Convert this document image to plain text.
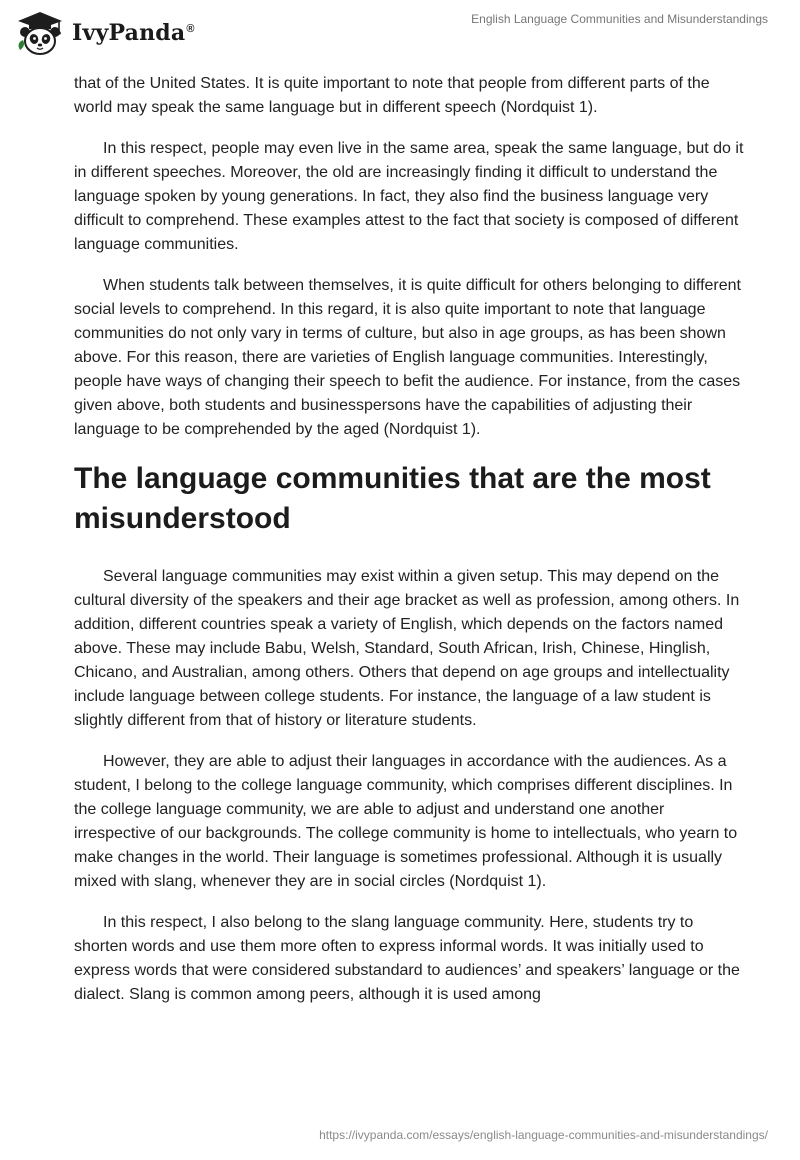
IvyPanda®
English Language Communities and Misunderstandings

that of the United States. It is quite important to note that people from different parts of the world may speak the same language but in different speech (Nordquist 1).

In this respect, people may even live in the same area, speak the same language, but do it in different speeches. Moreover, the old are increasingly finding it difficult to understand the language spoken by young generations. In fact, they also find the business language very difficult to comprehend. These examples attest to the fact that society is composed of different language communities.

When students talk between themselves, it is quite difficult for others belonging to different social levels to comprehend. In this regard, it is also quite important to note that language communities do not only vary in terms of culture, but also in age groups, as has been shown above. For this reason, there are varieties of English language communities. Interestingly, people have ways of changing their speech to befit the audience. For instance, from the cases given above, both students and businesspersons have the capabilities of adjusting their language to be comprehended by the aged (Nordquist 1).

The language communities that are the most misunderstood

Several language communities may exist within a given setup. This may depend on the cultural diversity of the speakers and their age bracket as well as profession, among others. In addition, different countries speak a variety of English, which depends on the factors named above. These may include Babu, Welsh, Standard, South African, Irish, Chinese, Hinglish, Chicano, and Australian, among others. Others that depend on age groups and intellectuality include language between college students. For instance, the language of a law student is slightly different from that of history or literature students.

However, they are able to adjust their languages in accordance with the audiences. As a student, I belong to the college language community, which comprises different disciplines. In the college language community, we are able to adjust and understand one another irrespective of our backgrounds. The college community is home to intellectuals, who yearn to make changes in the world. Their language is sometimes professional. Although it is usually mixed with slang, whenever they are in social circles (Nordquist 1).

In this respect, I also belong to the slang language community. Here, students try to shorten words and use them more often to express informal words. It was initially used to express words that were considered substandard to audiences’ and speakers’ language or the dialect. Slang is common among peers, although it is used among

https://ivypanda.com/essays/english-language-communities-and-misunderstandings/
